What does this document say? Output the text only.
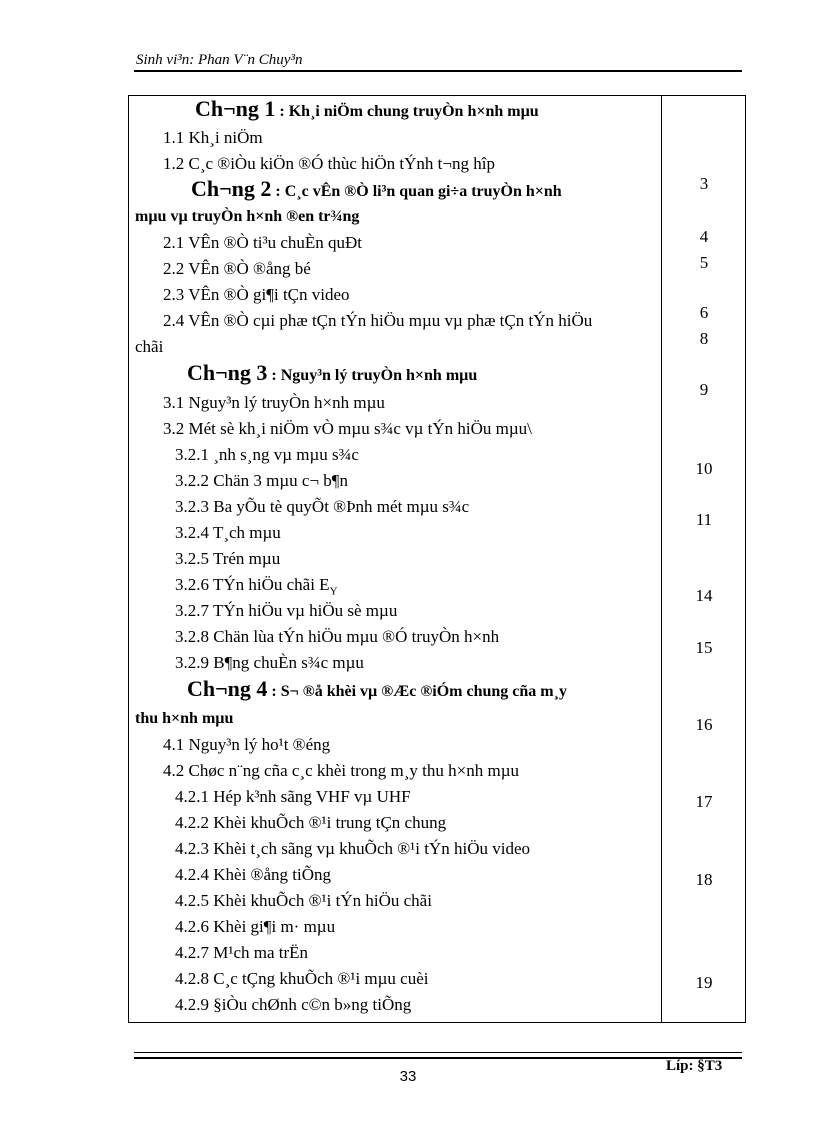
Sinh vi³n: Phan V¨n Chuy³n
Ch¬ng 1 : Kh¸i niÖm chung truyÒn h×nh mµu
1.1 Kh¸i niÖm
1.2 C¸c ®iÒu kiÖn ®Ó thùc hiÖn tÝnh t¬ng hîp
Ch¬ng 2 : C¸c vÊn ®Ò li³n quan gi÷a truyÒn h×nh
mµu vµ truyÒn h×nh ®en tr¾ng
2.1 VÊn ®Ò ti³u chuÈn quÐt
2.2 VÊn ®Ò ®ång bé
2.3 VÊn ®Ò gi¶i tÇn video
2.4 VÊn ®Ò cµi phæ tÇn tÝn hiÖu mµu vµ phæ tÇn tÝn hiÖu
chãi
Ch¬ng 3 : Nguy³n lý truyÒn h×nh mµu
3.1 Nguy³n lý truyÒn h×nh mµu
3.2 Mét sè kh¸i niÖm vÒ mµu s¾c vµ tÝn hiÖu mµu\
3.2.1 ¸nh s¸ng vµ mµu s¾c
3.2.2 Chän 3 mµu c¬ b¶n
3.2.3 Ba yÕu tè quyÕt ®Þnh mét mµu s¾c
3.2.4 T¸ch mµu
3.2.5 Trén mµu
3.2.6 TÝn hiÖu chãi $E_Y$
3.2.7 TÝn hiÖu vµ hiÖu sè mµu
3.2.8 Chän lùa tÝn hiÖu mµu ®Ó truyÒn h×nh
3.2.9 B¶ng chuÈn s¾c mµu
Ch¬ng 4 : S¬ ®å khèi vµ ®Æc ®iÓm chung cña m¸y
thu h×nh mµu
4.1 Nguy³n lý ho¹t ®éng
4.2 Chøc n¨ng cña c¸c khèi trong m¸y thu h×nh mµu
4.2.1 Hép k³nh sãng VHF vµ UHF
4.2.2 Khèi khuÕch ®¹i trung tÇn chung
4.2.3 Khèi t¸ch sãng vµ khuÕch ®¹i tÝn hiÖu video
4.2.4 Khèi ®ång tiÕng
4.2.5 Khèi khuÕch ®¹i tÝn hiÖu chãi
4.2.6 Khèi gi¶i m· mµu
4.2.7 M¹ch ma trËn
4.2.8 C¸c tÇng khuÕch ®¹i mµu cuèi
4.2.9 §iÒu chØnh c©n b»ng tiÕng
3
4
5
6
8
9
10
11
14
15
16
17
18
19
Líp: §T3
33
